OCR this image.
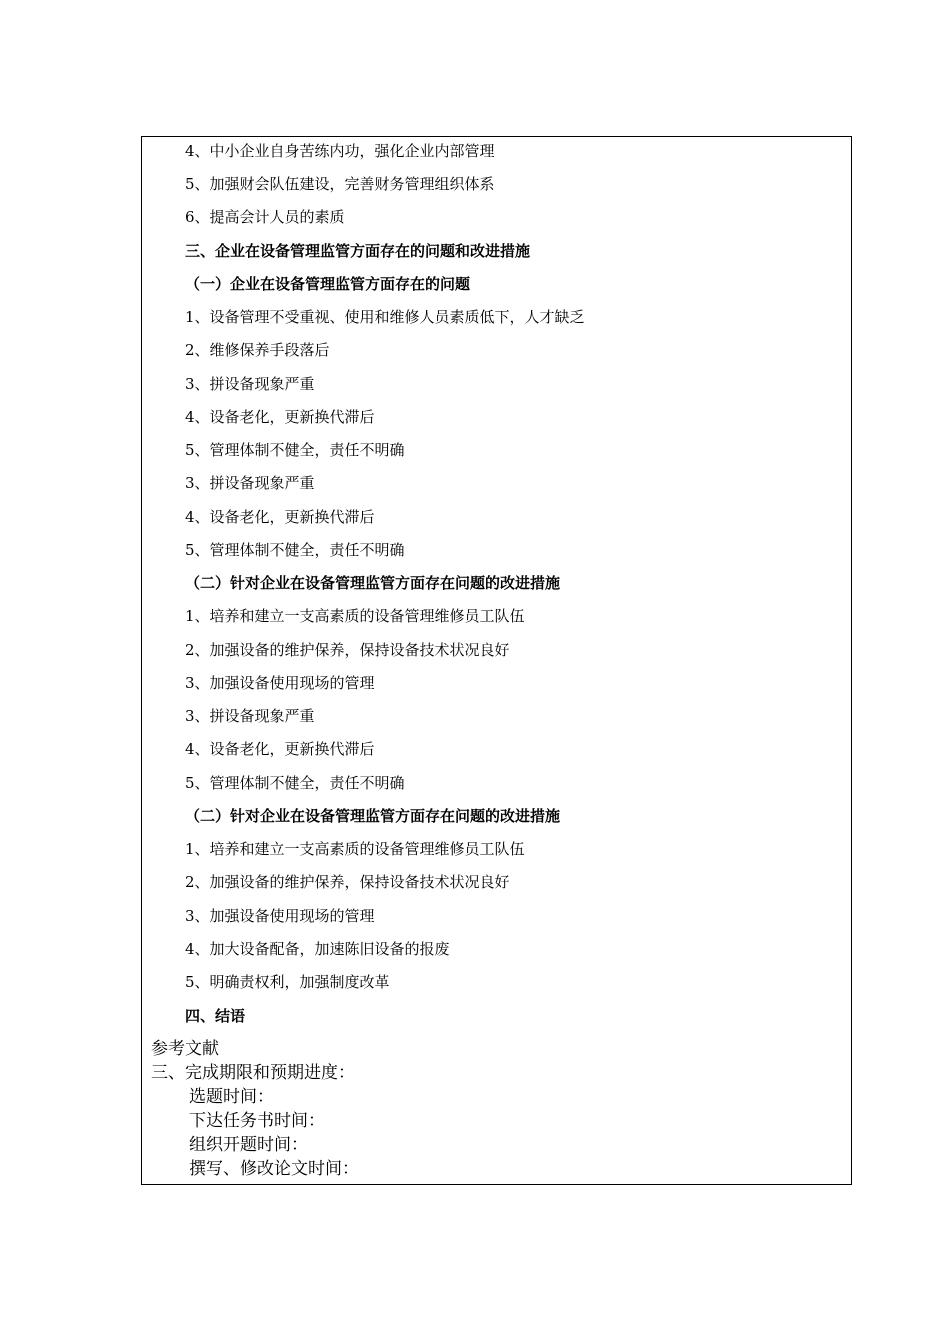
4、中小企业自身苦练内功，强化企业内部管理
5、加强财会队伍建设，完善财务管理组织体系
6、提高会计人员的素质
三、企业在设备管理监管方面存在的问题和改进措施
（一）企业在设备管理监管方面存在的问题
1、设备管理不受重视、使用和维修人员素质低下，人才缺乏
2、维修保养手段落后
3、拼设备现象严重
4、设备老化，更新换代滞后
5、管理体制不健全，责任不明确
3、拼设备现象严重
4、设备老化，更新换代滞后
5、管理体制不健全，责任不明确
（二）针对企业在设备管理监管方面存在问题的改进措施
1、培养和建立一支高素质的设备管理维修员工队伍
2、加强设备的维护保养，保持设备技术状况良好
3、加强设备使用现场的管理
3、拼设备现象严重
4、设备老化，更新换代滞后
5、管理体制不健全，责任不明确
（二）针对企业在设备管理监管方面存在问题的改进措施
1、培养和建立一支高素质的设备管理维修员工队伍
2、加强设备的维护保养，保持设备技术状况良好
3、加强设备使用现场的管理
4、加大设备配备，加速陈旧设备的报废
5、明确责权利，加强制度改革
四、结语
参考文献
三、完成期限和预期进度：
选题时间：
下达任务书时间：
组织开题时间：
撰写、修改论文时间：
